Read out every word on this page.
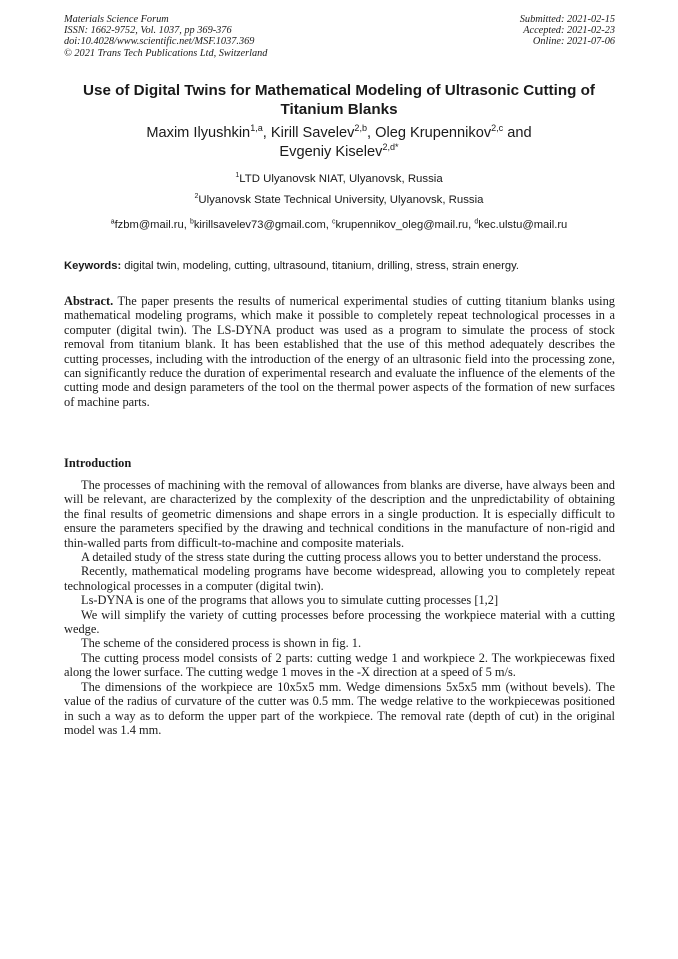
Materials Science Forum
ISSN: 1662-9752, Vol. 1037, pp 369-376
doi:10.4028/www.scientific.net/MSF.1037.369
© 2021 Trans Tech Publications Ltd, Switzerland
Submitted: 2021-02-15
Accepted: 2021-02-23
Online: 2021-07-06
Use of Digital Twins for Mathematical Modeling of Ultrasonic Cutting of Titanium Blanks
Maxim Ilyushkin$^{1,a}$, Kirill Savelev$^{2,b}$, Oleg Krupennikov$^{2,c}$ and
Evgeniy Kiselev$^{2,d*}$
$^1$LTD Ulyanovsk NIAT, Ulyanovsk, Russia
$^2$Ulyanovsk State Technical University, Ulyanovsk, Russia
$^a$fzbm@mail.ru, $^b$kirillsavelev73@gmail.com, $^c$krupennikov_oleg@mail.ru, $^d$kec.ulstu@mail.ru
Keywords: digital twin, modeling, cutting, ultrasound, titanium, drilling, stress, strain energy.
Abstract. The paper presents the results of numerical experimental studies of cutting titanium blanks using mathematical modeling programs, which make it possible to completely repeat technological processes in a computer (digital twin). The LS-DYNA product was used as a program to simulate the process of stock removal from titanium blank. It has been established that the use of this method adequately describes the cutting processes, including with the introduction of the energy of an ultrasonic field into the processing zone, can significantly reduce the duration of experimental research and evaluate the influence of the elements of the cutting mode and design parameters of the tool on the thermal power aspects of the formation of new surfaces of machine parts.
Introduction

The processes of machining with the removal of allowances from blanks are diverse, have always been and will be relevant, are characterized by the complexity of the description and the unpredictability of obtaining the final results of geometric dimensions and shape errors in a single production. It is especially difficult to ensure the parameters specified by the drawing and technical conditions in the manufacture of non-rigid and thin-walled parts from difficult-to-machine and composite materials.

A detailed study of the stress state during the cutting process allows you to better understand the process.

Recently, mathematical modeling programs have become widespread, allowing you to completely repeat technological processes in a computer (digital twin).

Ls-DYNA is one of the programs that allows you to simulate cutting processes [1,2]

We will simplify the variety of cutting processes before processing the workpiece material with a cutting wedge.

The scheme of the considered process is shown in fig. 1.

The cutting process model consists of 2 parts: cutting wedge 1 and workpiece 2. The workpiecewas fixed along the lower surface. The cutting wedge 1 moves in the -X direction at a speed of 5 m/s.

The dimensions of the workpiece are 10x5x5 mm. Wedge dimensions 5x5x5 mm (without bevels). The value of the radius of curvature of the cutter was 0.5 mm. The wedge relative to the workpiecewas positioned in such a way as to deform the upper part of the workpiece. The removal rate (depth of cut) in the original model was 1.4 mm.
